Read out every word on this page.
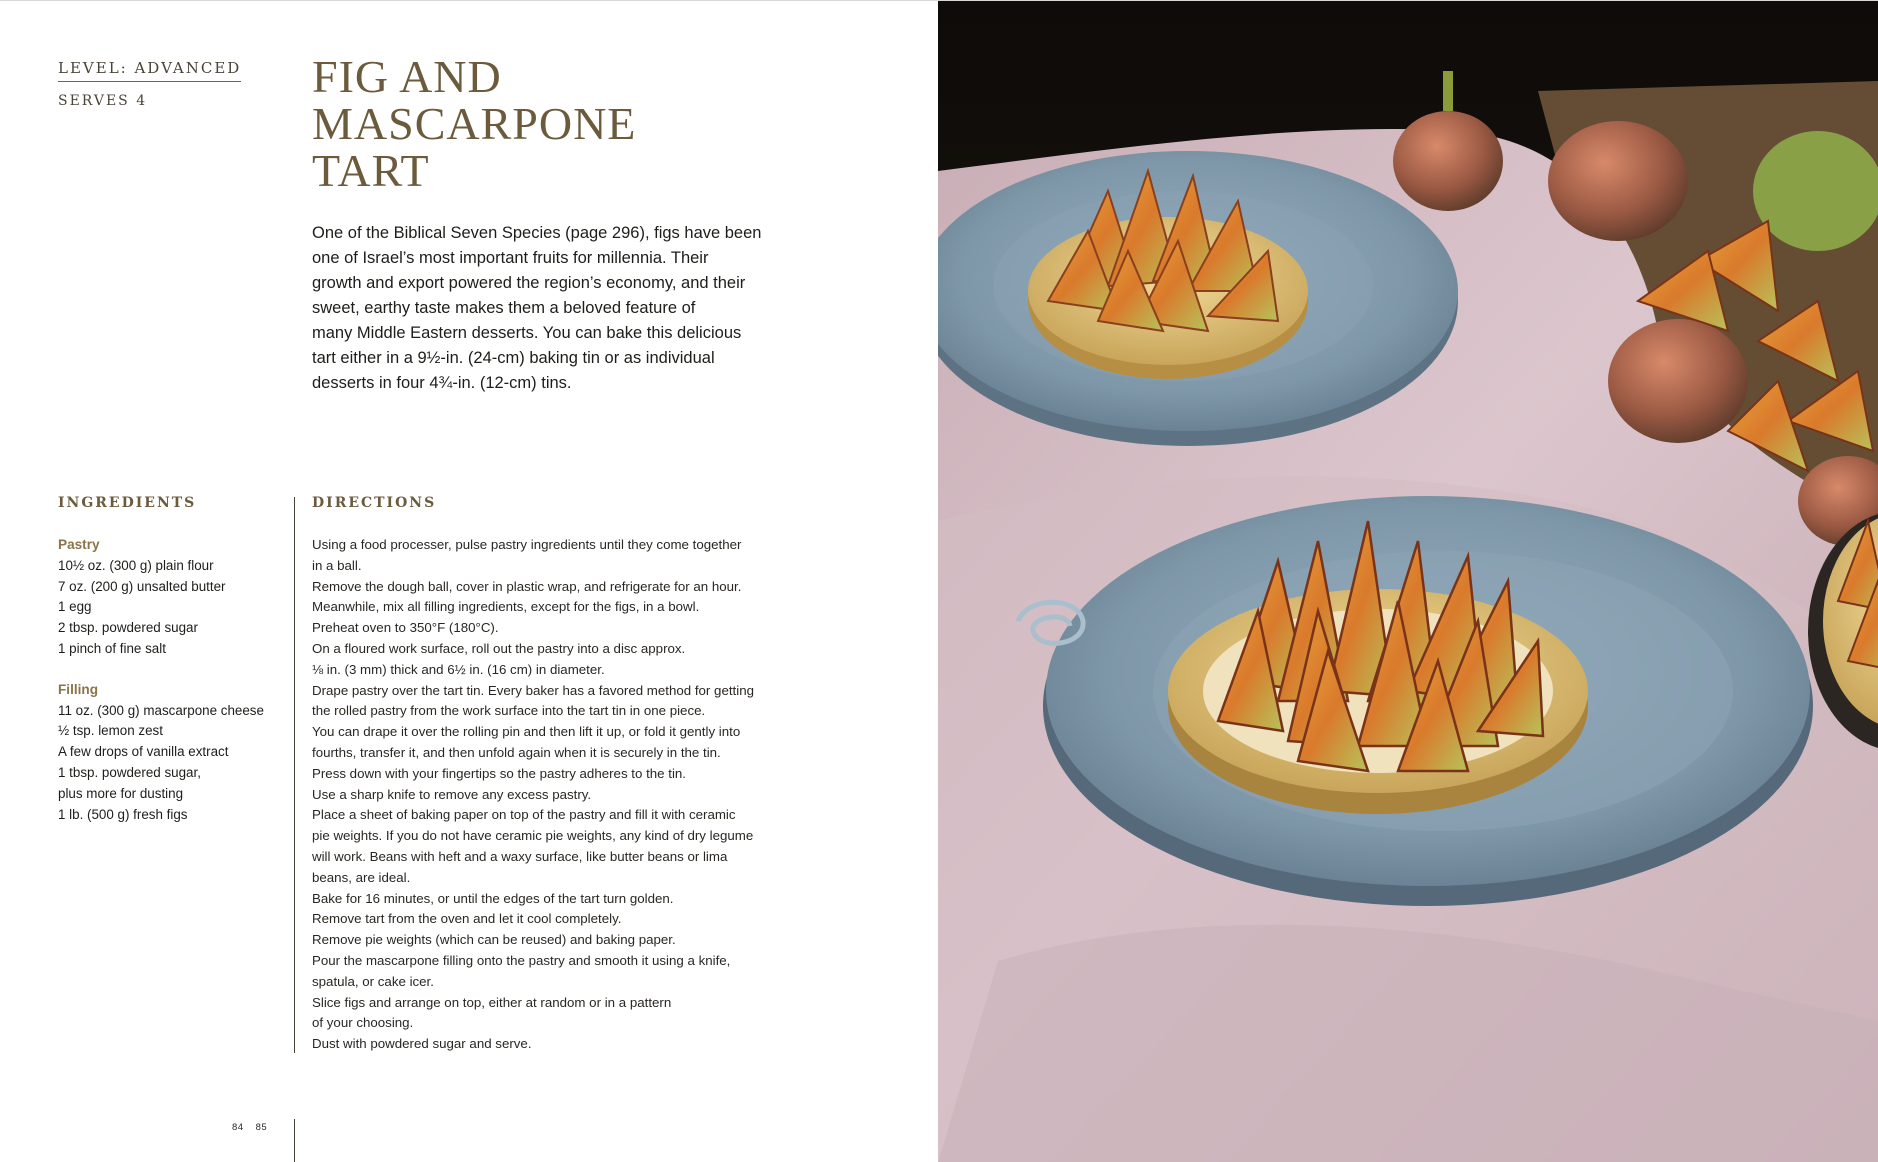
LEVEL: ADVANCED
SERVES 4	FIG AND
MASCARPONE
TART

One of the Biblical Seven Species (page 296), figs have been
one of Israel’s most important fruits for millennia. Their
growth and export powered the region’s economy, and their
sweet, earthy taste makes them a beloved feature of
many Middle Eastern desserts. You can bake this delicious
tart either in a 9½-in. (24-cm) baking tin or as individual
desserts in four 4¾-in. (12-cm) tins.

INGREDIENTS	DIRECTIONS
Pastry
10½ oz. (300 g) plain flour
7 oz. (200 g) unsalted butter
1 egg
2 tbsp. powdered sugar
1 pinch of fine salt
Filling
11 oz. (300 g) mascarpone cheese
½ tsp. lemon zest
A few drops of vanilla extract
1 tbsp. powdered sugar,
plus more for dusting
1 lb. (500 g) fresh figs
Using a food processer, pulse pastry ingredients until they come together
in a ball.
Remove the dough ball, cover in plastic wrap, and refrigerate for an hour.
Meanwhile, mix all filling ingredients, except for the figs, in a bowl.
Preheat oven to 350°F (180°C).
On a floured work surface, roll out the pastry into a disc approx.
⅛ in. (3 mm) thick and 6½ in. (16 cm) in diameter.
Drape pastry over the tart tin. Every baker has a favored method for getting
the rolled pastry from the work surface into the tart tin in one piece.
You can drape it over the rolling pin and then lift it up, or fold it gently into
fourths, transfer it, and then unfold again when it is securely in the tin.
Press down with your fingertips so the pastry adheres to the tin.
Use a sharp knife to remove any excess pastry.
Place a sheet of baking paper on top of the pastry and fill it with ceramic
pie weights. If you do not have ceramic pie weights, any kind of dry legume
will work. Beans with heft and a waxy surface, like butter beans or lima
beans, are ideal.
Bake for 16 minutes, or until the edges of the tart turn golden.
Remove tart from the oven and let it cool completely.
Remove pie weights (which can be reused) and baking paper.
Pour the mascarpone filling onto the pastry and smooth it using a knife,
spatula, or cake icer.
Slice figs and arrange on top, either at random or in a pattern
of your choosing.
Dust with powdered sugar and serve.
84 85
